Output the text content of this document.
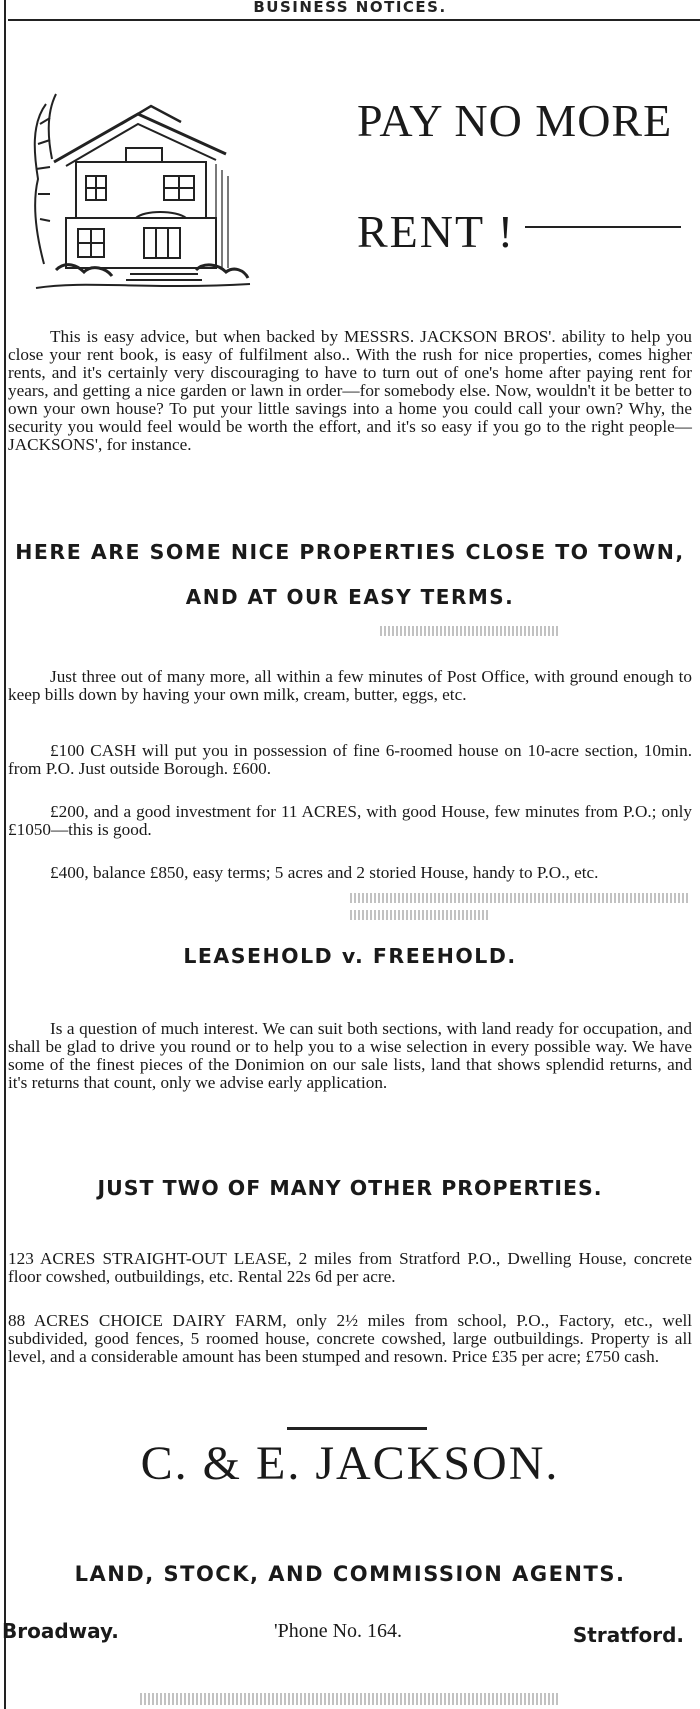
BUSINESS NOTICES.
PAY NO MORE
RENT !
This is easy advice, but when backed by MESSRS. JACKSON BROS'. ability to help you close your rent book, is easy of fulfilment also.. With the rush for nice properties, comes higher rents, and it's certainly very discouraging to have to turn out of one's home after paying rent for years, and getting a nice garden or lawn in order—for somebody else. Now, wouldn't it be better to own your own house? To put your little savings into a home you could call your own? Why, the security you would feel would be worth the effort, and it's so easy if you go to the right people—JACKSONS', for instance.
HERE ARE SOME NICE PROPERTIES CLOSE TO TOWN,
AND AT OUR EASY TERMS.
Just three out of many more, all within a few minutes of Post Office, with ground enough to keep bills down by having your own milk, cream, butter, eggs, etc.
£100 CASH will put you in possession of fine 6-roomed house on 10-acre section, 10min. from P.O. Just outside Borough. £600.
£200, and a good investment for 11 ACRES, with good House, few minutes from P.O.; only £1050—this is good.
£400, balance £850, easy terms; 5 acres and 2 storied House, handy to P.O., etc.
LEASEHOLD v. FREEHOLD.
Is a question of much interest. We can suit both sections, with land ready for occupation, and shall be glad to drive you round or to help you to a wise selection in every possible way. We have some of the finest pieces of the Donimion on our sale lists, land that shows splendid returns, and it's returns that count, only we advise early application.
JUST TWO OF MANY OTHER PROPERTIES.
123 ACRES STRAIGHT-OUT LEASE, 2 miles from Stratford P.O., Dwelling House, concrete floor cowshed, outbuildings, etc. Rental 22s 6d per acre.
88 ACRES CHOICE DAIRY FARM, only 2½ miles from school, P.O., Factory, etc., well subdivided, good fences, 5 roomed house, concrete cowshed, large outbuildings. Property is all level, and a considerable amount has been stumped and resown. Price £35 per acre; £750 cash.
C. & E. JACKSON.
LAND, STOCK, AND COMMISSION AGENTS.
Broadway.	'Phone No. 164.	Stratford.
